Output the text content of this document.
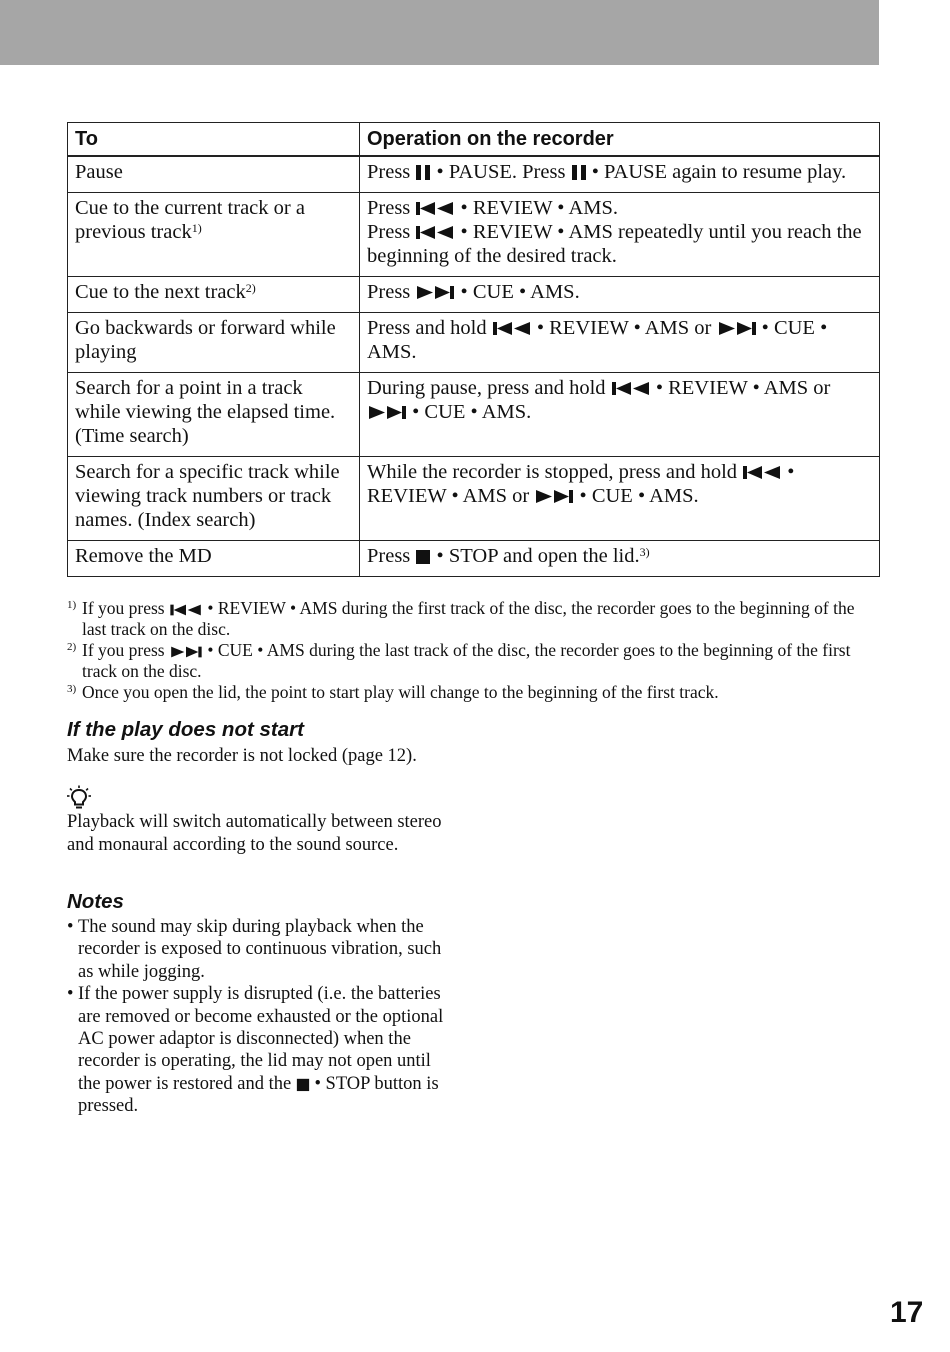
To	Operation on the recorder
Pause	Press
• PAUSE. Press
• PAUSE again to resume play.

Cue to the current track or a previous track$^{1)}$	Press
• REVIEW • AMS.
Press
• REVIEW • AMS repeatedly until you reach the beginning of the desired track.

Cue to the next track$^{2)}$	Press
• CUE • AMS.

Go backwards or forward while playing	Press and hold
• REVIEW • AMS or
• CUE • AMS.

Search for a point in a track while viewing the elapsed time. (Time search)	During pause, press and hold
• REVIEW • AMS or
• CUE • AMS.

Search for a specific track while viewing track numbers or track names. (Index search)	While the recorder is stopped, press and hold
• REVIEW • AMS or
• CUE • AMS.

Remove the MD	Press
• STOP and open the lid.$^{3)}$
1) If you press
• REVIEW • AMS during the first track of the disc, the recorder goes to the beginning of the last track on the disc.
2) If you press
• CUE • AMS during the last track of the disc, the recorder goes to the beginning of the first track on the disc.
3) Once you open the lid, the point to start play will change to the beginning of the first track.
If the play does not start
Make sure the recorder is not locked (page 12).
Playback will switch automatically between stereo and monaural according to the sound source.
Notes
• The sound may skip during playback when the recorder is exposed to continuous vibration, such as while jogging.
• If the power supply is disrupted (i.e. the batteries are removed or become exhausted or the optional AC power adaptor is disconnected) when the recorder is operating, the lid may not open until the power is restored and the
• STOP button is pressed.
17
